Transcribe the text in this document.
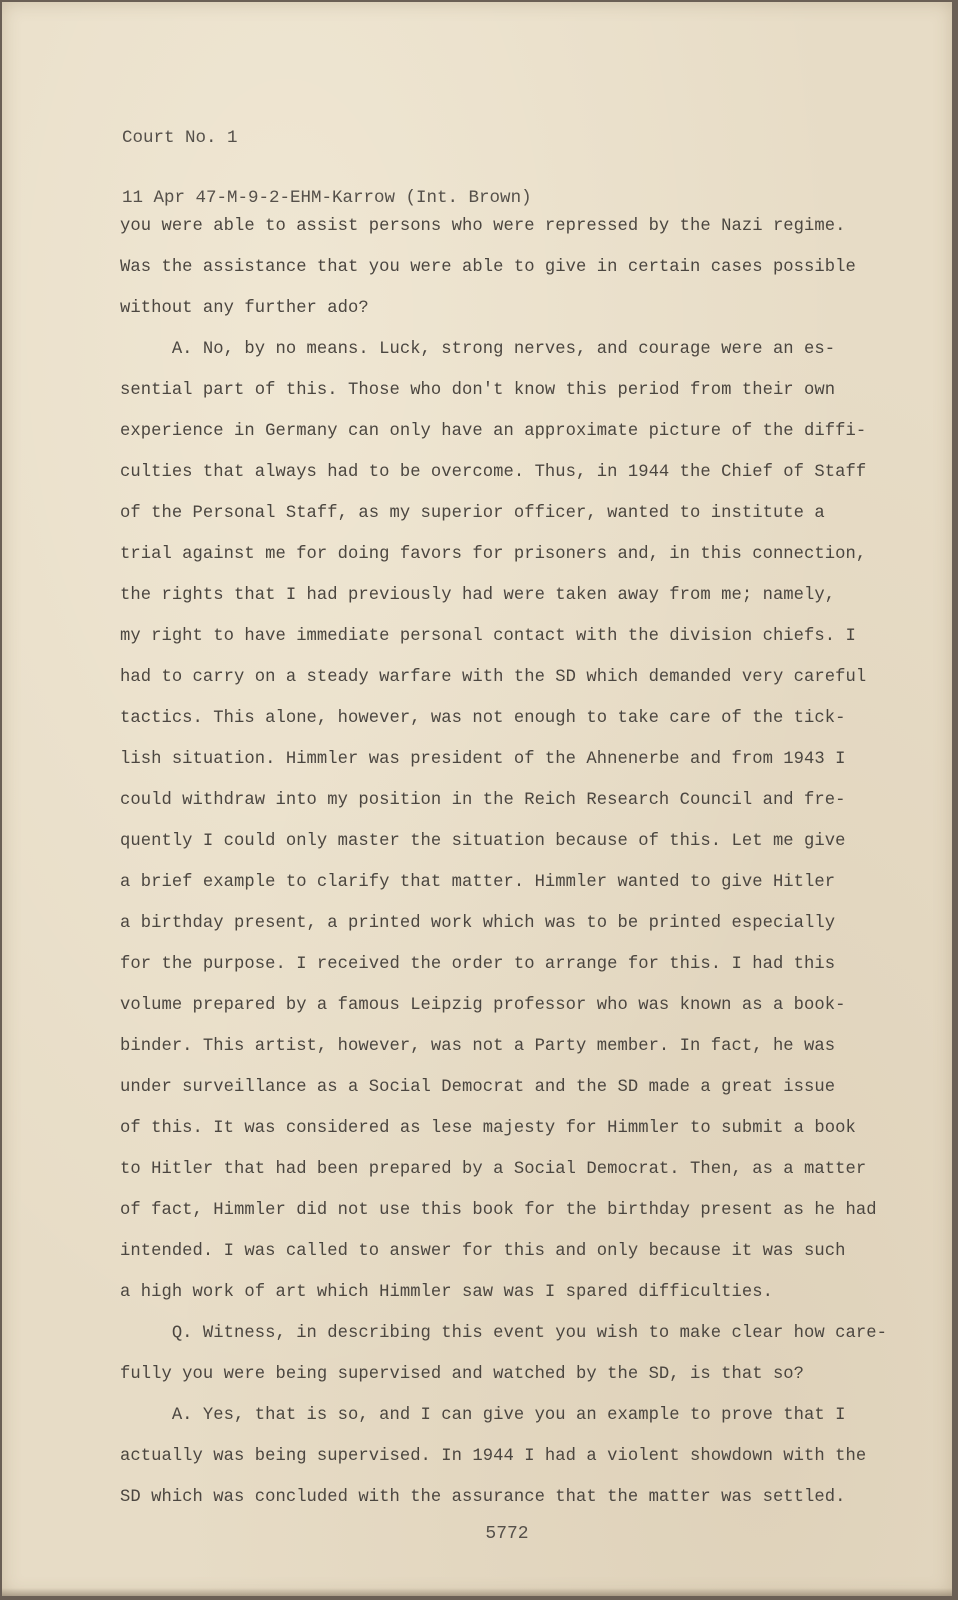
Court No. 1

11 Apr 47-M-9-2-EHM-Karrow (Int. Brown)

you were able to assist persons who were repressed by the Nazi regime.
Was the assistance that you were able to give in certain cases possible
without any further ado?
A. No, by no means. Luck, strong nerves, and courage were an es-
sential part of this. Those who don't know this period from their own
experience in Germany can only have an approximate picture of the diffi-
culties that always had to be overcome. Thus, in 1944 the Chief of Staff
of the Personal Staff, as my superior officer, wanted to institute a
trial against me for doing favors for prisoners and, in this connection,
the rights that I had previously had were taken away from me; namely,
my right to have immediate personal contact with the division chiefs. I
had to carry on a steady warfare with the SD which demanded very careful
tactics. This alone, however, was not enough to take care of the tick-
lish situation. Himmler was president of the Ahnenerbe and from 1943 I
could withdraw into my position in the Reich Research Council and fre-
quently I could only master the situation because of this. Let me give
a brief example to clarify that matter. Himmler wanted to give Hitler
a birthday present, a printed work which was to be printed especially
for the purpose. I received the order to arrange for this. I had this
volume prepared by a famous Leipzig professor who was known as a book-
binder. This artist, however, was not a Party member. In fact, he was
under surveillance as a Social Democrat and the SD made a great issue
of this. It was considered as lese majesty for Himmler to submit a book
to Hitler that had been prepared by a Social Democrat. Then, as a matter
of fact, Himmler did not use this book for the birthday present as he had
intended. I was called to answer for this and only because it was such
a high work of art which Himmler saw was I spared difficulties.
Q. Witness, in describing this event you wish to make clear how care-
fully you were being supervised and watched by the SD, is that so?
A. Yes, that is so, and I can give you an example to prove that I
actually was being supervised. In 1944 I had a violent showdown with the
SD which was concluded with the assurance that the matter was settled.
5772
